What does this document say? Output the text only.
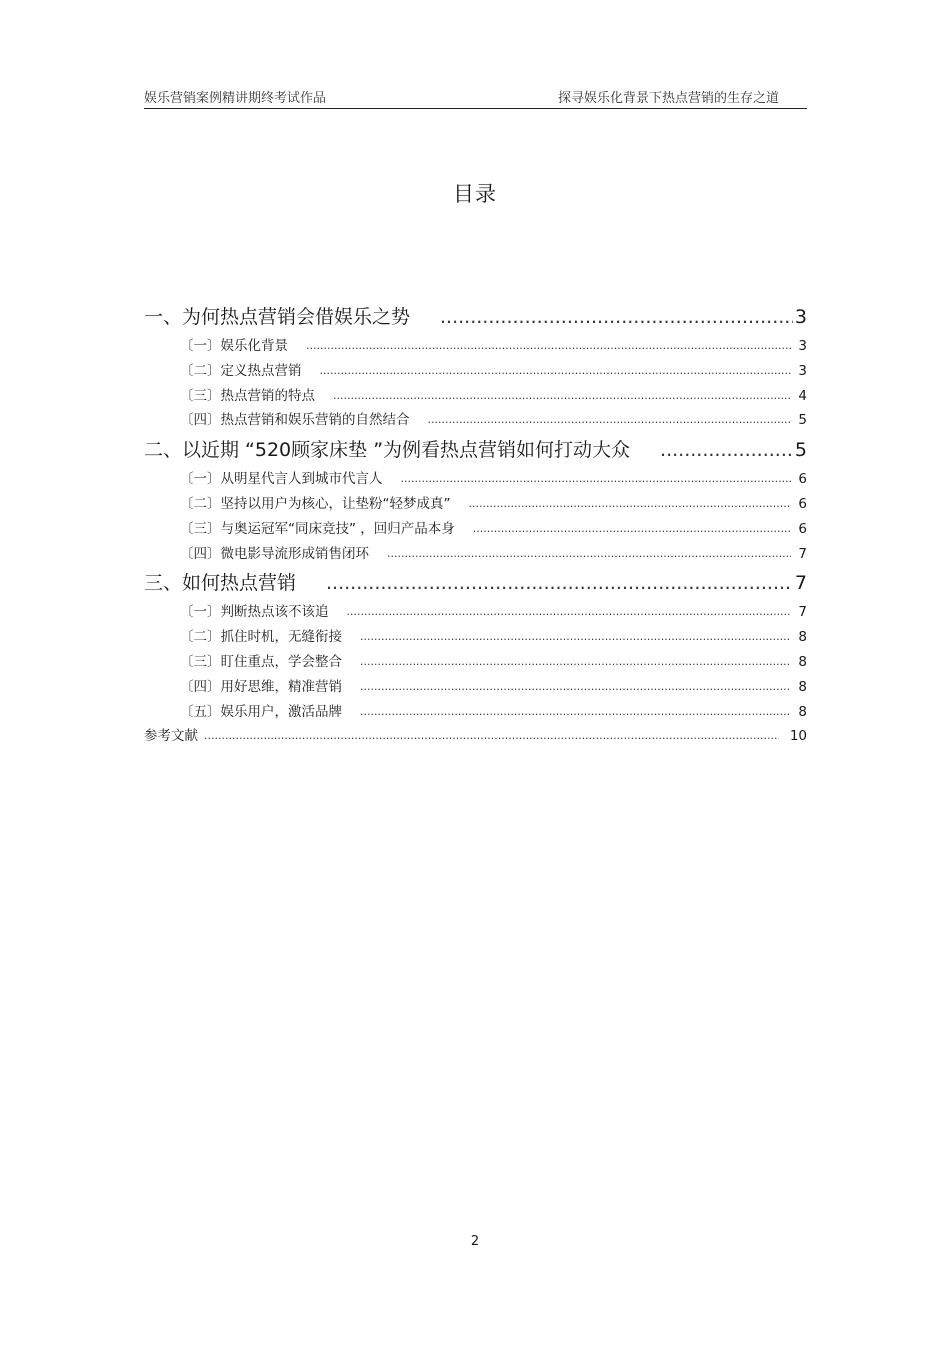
娱乐营销案例精讲期终考试作品	探寻娱乐化背景下热点营销的生存之道
目录
一、为何热点营销会借娱乐之势 .....	3
〔一〕娱乐化背景 .....	3
〔二〕定义热点营销 .....	3
〔三〕热点营销的特点 .....	4
〔四〕热点营销和娱乐营销的自然结合 .....	5
二、以近期 “520顾家床垫 ”为例看热点营销如何打动大众 .....	5
〔一〕从明星代言人到城市代言人 .....	6
〔二〕坚持以用户为核心，让垫粉“轻梦成真” .....	6
〔三〕与奥运冠军“同床竞技” ，回归产品本身 .....	6
〔四〕微电影导流形成销售闭环 .....	7
三、如何热点营销 .....	7
〔一〕判断热点该不该追 .....	7
〔二〕抓住时机，无缝衔接 .....	8
〔三〕盯住重点，学会整合 .....	8
〔四〕用好思维，精准营销 .....	8
〔五〕娱乐用户，激活品牌 .....	8
参考文献 .....	10
2
